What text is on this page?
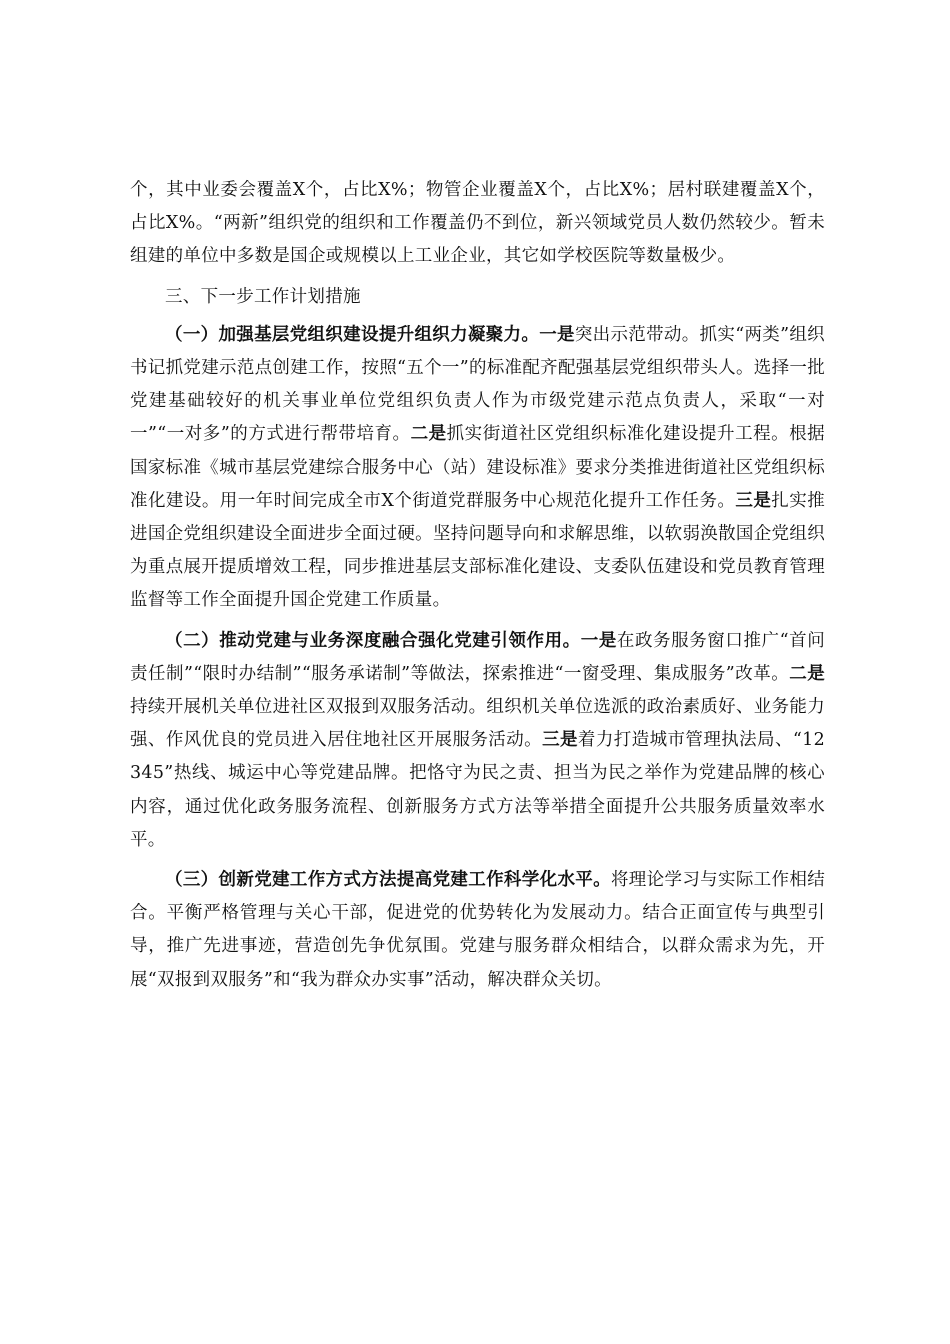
个，其中业委会覆盖X个，占比X%；物管企业覆盖X个，占比X%；居村联建覆盖X个，占比X%。“两新”组织党的组织和工作覆盖仍不到位，新兴领域党员人数仍然较少。暂未组建的单位中多数是国企或规模以上工业企业，其它如学校医院等数量极少。

三、下一步工作计划措施

（一）加强基层党组织建设提升组织力凝聚力。一是突出示范带动。抓实“两类”组织书记抓党建示范点创建工作，按照“五个一”的标准配齐配强基层党组织带头人。选择一批党建基础较好的机关事业单位党组织负责人作为市级党建示范点负责人，采取“一对一”“一对多”的方式进行帮带培育。二是抓实街道社区党组织标准化建设提升工程。根据国家标准《城市基层党建综合服务中心（站）建设标准》要求分类推进街道社区党组织标准化建设。用一年时间完成全市X个街道党群服务中心规范化提升工作任务。三是扎实推进国企党组织建设全面进步全面过硬。坚持问题导向和求解思维，以软弱涣散国企党组织为重点展开提质增效工程，同步推进基层支部标准化建设、支委队伍建设和党员教育管理监督等工作全面提升国企党建工作质量。

（二）推动党建与业务深度融合强化党建引领作用。一是在政务服务窗口推广“首问责任制”“限时办结制”“服务承诺制”等做法，探索推进“一窗受理、集成服务”改革。二是持续开展机关单位进社区双报到双服务活动。组织机关单位选派的政治素质好、业务能力强、作风优良的党员进入居住地社区开展服务活动。三是着力打造城市管理执法局、“12345”热线、城运中心等党建品牌。把恪守为民之责、担当为民之举作为党建品牌的核心内容，通过优化政务服务流程、创新服务方式方法等举措全面提升公共服务质量效率水平。

（三）创新党建工作方式方法提高党建工作科学化水平。将理论学习与实际工作相结合。平衡严格管理与关心干部，促进党的优势转化为发展动力。结合正面宣传与典型引导，推广先进事迹，营造创先争优氛围。党建与服务群众相结合，以群众需求为先，开展“双报到双服务”和“我为群众办实事”活动，解决群众关切。
